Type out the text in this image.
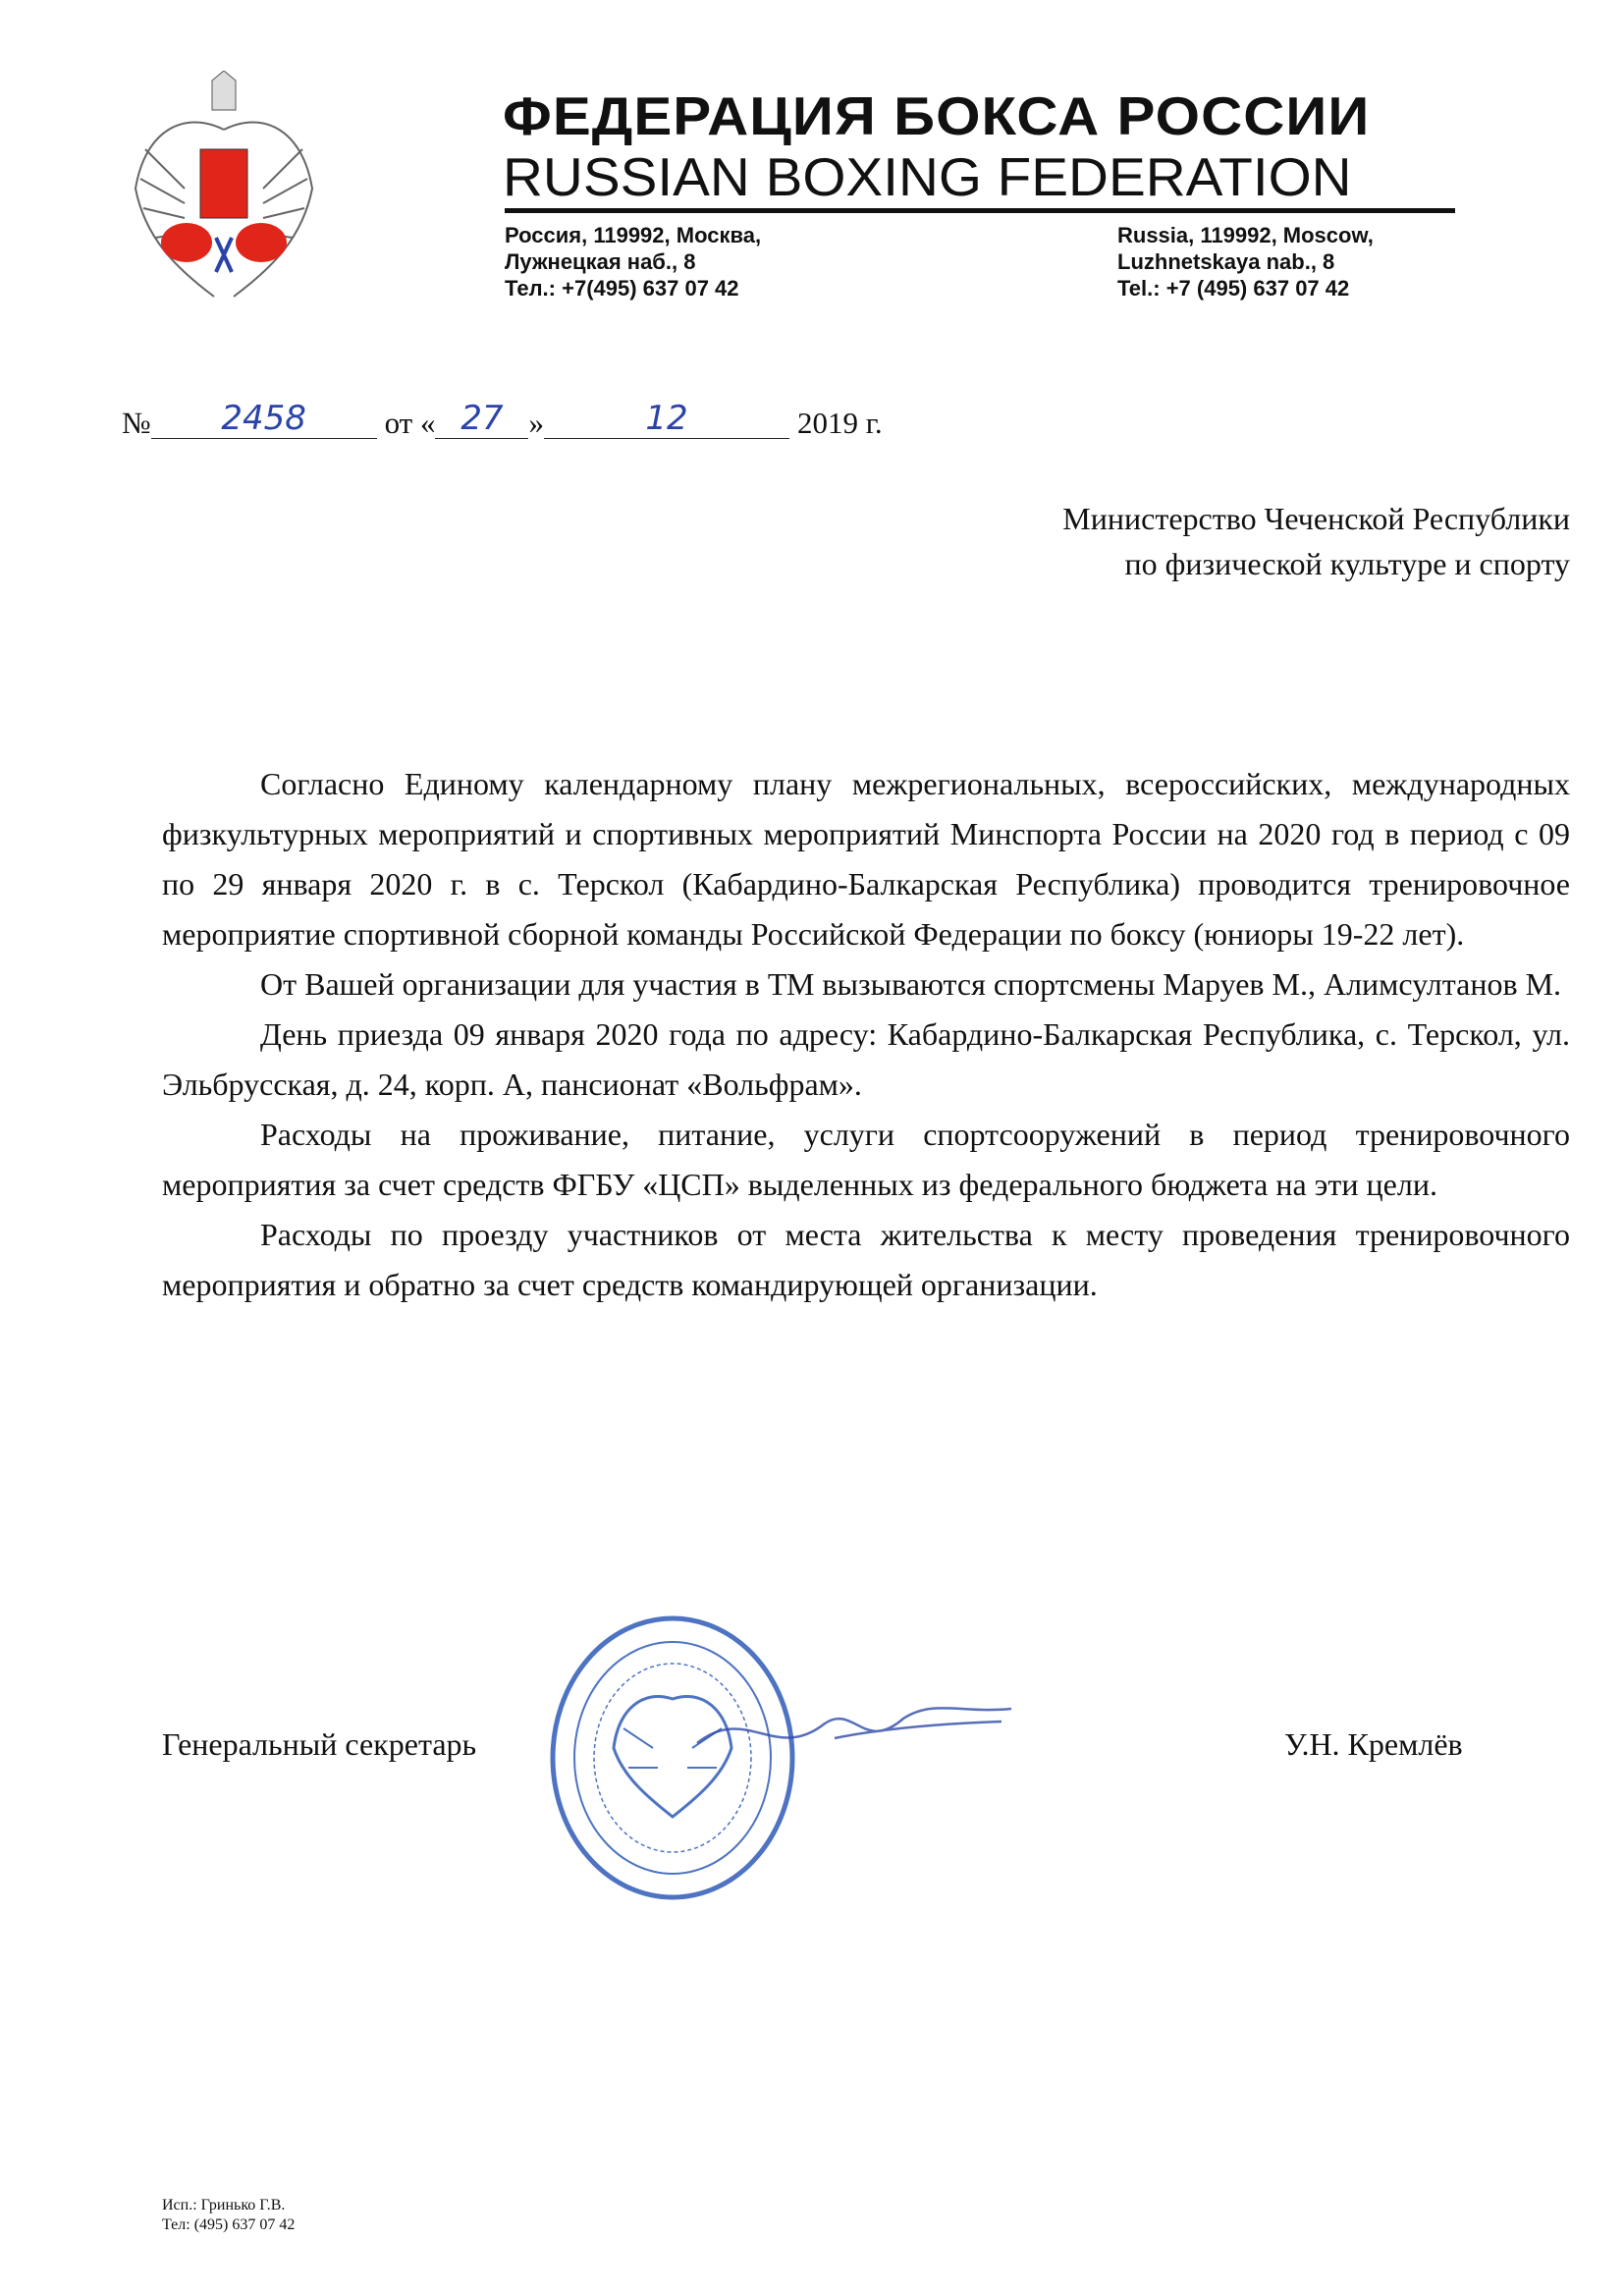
ФЕДЕРАЦИЯ БОКСА РОССИИ
RUSSIAN BOXING FEDERATION
Россия, 119992, Москва,
Лужнецкая наб., 8
Тел.: +7(495) 637 07 42
Russia, 119992, Moscow,
Luzhnetskaya nab., 8
Tel.: +7 (495) 637 07 42
№	2458	от « 27 »	12	2019 г.
Министерство Чеченской Республики
по физической культуре и спорту

Согласно Единому календарному плану межрегиональных, всероссийских, международных физкультурных мероприятий и спортивных мероприятий Минспорта России на 2020 год в период с 09 по 29 января 2020 г. в с. Терскол (Кабардино-Балкарская Республика) проводится тренировочное мероприятие спортивной сборной команды Российской Федерации по боксу (юниоры 19-22 лет).

От Вашей организации для участия в ТМ вызываются спортсмены Маруев М., Алимсултанов М.

День приезда 09 января 2020 года по адресу: Кабардино-Балкарская Республика, с. Терскол, ул. Эльбрусская, д. 24, корп. А, пансионат «Вольфрам».

Расходы на проживание, питание, услуги спортсооружений в период тренировочного мероприятия за счет средств ФГБУ «ЦСП» выделенных из федерального бюджета на эти цели.

Расходы по проезду участников от места жительства к месту проведения тренировочного мероприятия и обратно за счет средств командирующей организации.

Генеральный секретарь	У.Н. Кремлёв
Исп.: Гринько Г.В.
Тел: (495) 637 07 42
